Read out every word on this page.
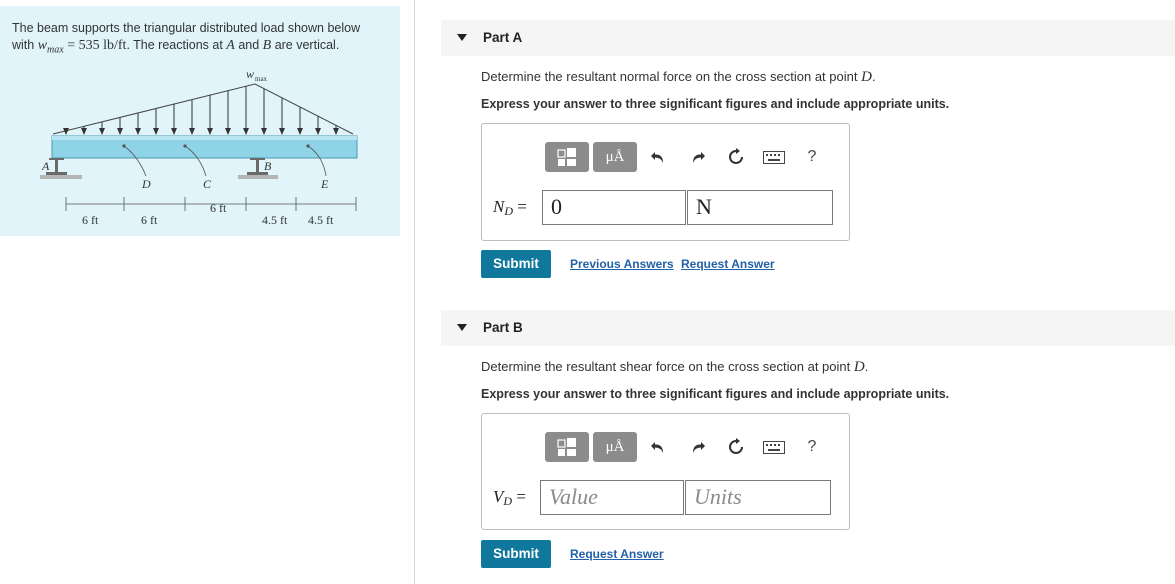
The beam supports the triangular distributed load shown below
with $w_{max} = 535$ lb/ft. The reactions at A and B are vertical.
w max
A	B
D	C	E
6 ft	6 ft
6 ft
4.5 ft 4.5 ft
Part A
Determine the resultant normal force on the cross section at point D.
Express your answer to three significant figures and include appropriate units.
μÅ	?
$N_D$ =	0	N
Submit	Previous Answers Request Answer
Part B
Determine the resultant shear force on the cross section at point D.
Express your answer to three significant figures and include appropriate units.
μÅ	?
$V_D$ =	Value	Units
Submit	Request Answer
